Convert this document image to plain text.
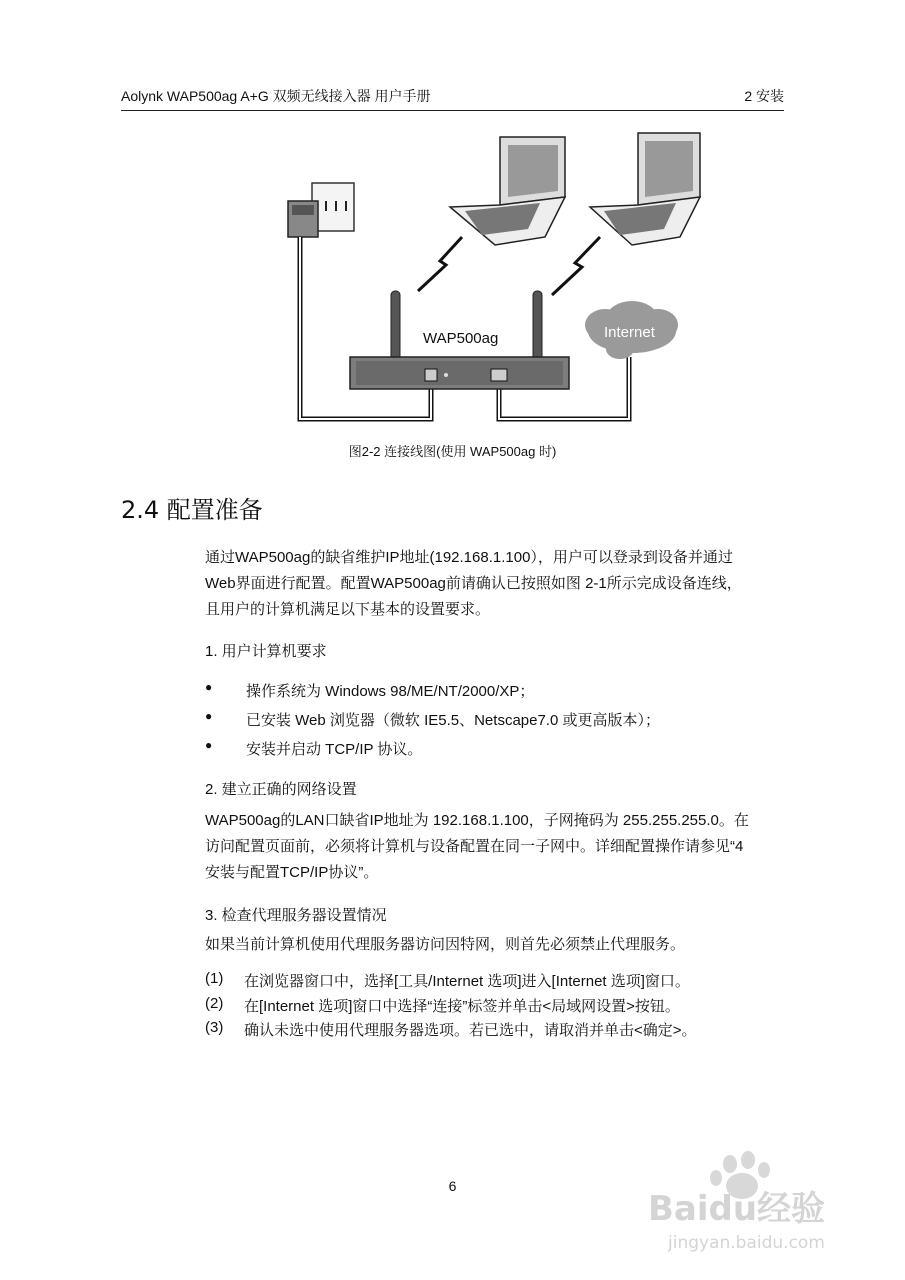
Aolynk WAP500ag A+G 双频无线接入器 用户手册	2 安装
WAP500ag	Internet
图2-2 连接线图(使用 WAP500ag 时)
2.4 配置准备
通过WAP500ag的缺省维护IP地址(192.168.1.100），用户可以登录到设备并通过
Web界面进行配置。配置WAP500ag前请确认已按照如图 2-1所示完成设备连线，
且用户的计算机满足以下基本的设置要求。
1. 用户计算机要求
●	操作系统为 Windows 98/ME/NT/2000/XP；
●	已安装 Web 浏览器（微软 IE5.5、Netscape7.0 或更高版本）；
●	安装并启动 TCP/IP 协议。
2. 建立正确的网络设置
WAP500ag的LAN口缺省IP地址为 192.168.1.100，子网掩码为 255.255.255.0。在
访问配置页面前，必须将计算机与设备配置在同一子网中。详细配置操作请参见“4
安装与配置TCP/IP协议”。
3. 检查代理服务器设置情况
如果当前计算机使用代理服务器访问因特网，则首先必须禁止代理服务。
(1)	在浏览器窗口中，选择[工具/Internet 选项]进入[Internet 选项]窗口。
(2)	在[Internet 选项]窗口中选择“连接”标签并单击<局域网设置>按钮。
(3)	确认未选中使用代理服务器选项。若已选中，请取消并单击<确定>。
6
Baidu经验
jingyan.baidu.com
